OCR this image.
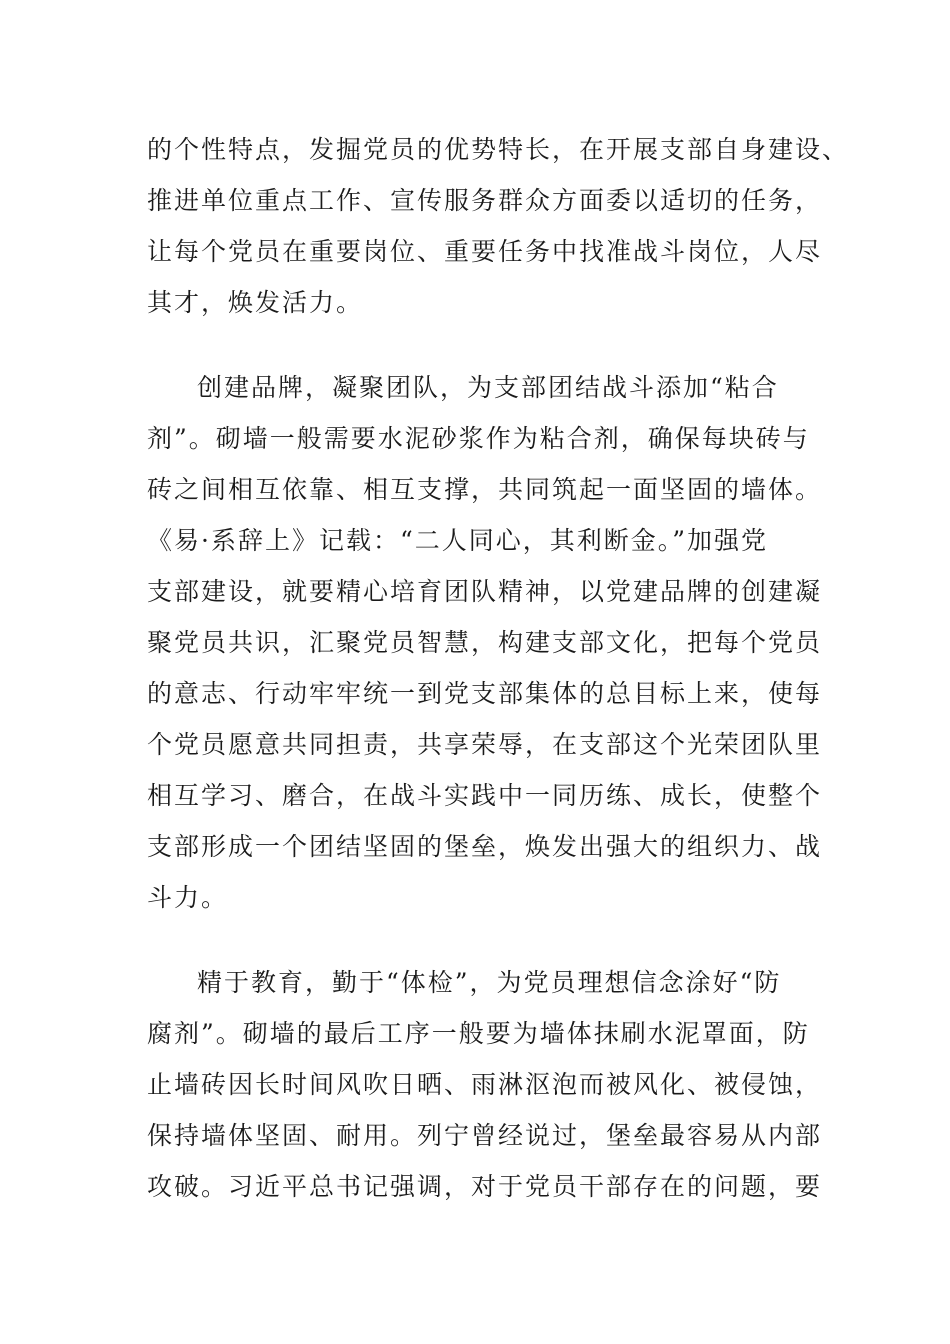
的个性特点，发掘党员的优势特长，在开展支部自身建设、
推进单位重点工作、宣传服务群众方面委以适切的任务，
让每个党员在重要岗位、重要任务中找准战斗岗位，人尽
其才，焕发活力。
创建品牌，凝聚团队，为支部团结战斗添加“粘合
剂”。砌墙一般需要水泥砂浆作为粘合剂，确保每块砖与
砖之间相互依靠、相互支撑，共同筑起一面坚固的墙体。
《易·系辞上》记载：“二人同心，其利断金。”加强党
支部建设，就要精心培育团队精神，以党建品牌的创建凝
聚党员共识，汇聚党员智慧，构建支部文化，把每个党员
的意志、行动牢牢统一到党支部集体的总目标上来，使每
个党员愿意共同担责，共享荣辱，在支部这个光荣团队里
相互学习、磨合，在战斗实践中一同历练、成长，使整个
支部形成一个团结坚固的堡垒，焕发出强大的组织力、战
斗力。
精于教育，勤于“体检”，为党员理想信念涂好“防
腐剂”。砌墙的最后工序一般要为墙体抹刷水泥罩面，防
止墙砖因长时间风吹日晒、雨淋沤泡而被风化、被侵蚀，
保持墙体坚固、耐用。列宁曾经说过，堡垒最容易从内部
攻破。习近平总书记强调，对于党员干部存在的问题，要
